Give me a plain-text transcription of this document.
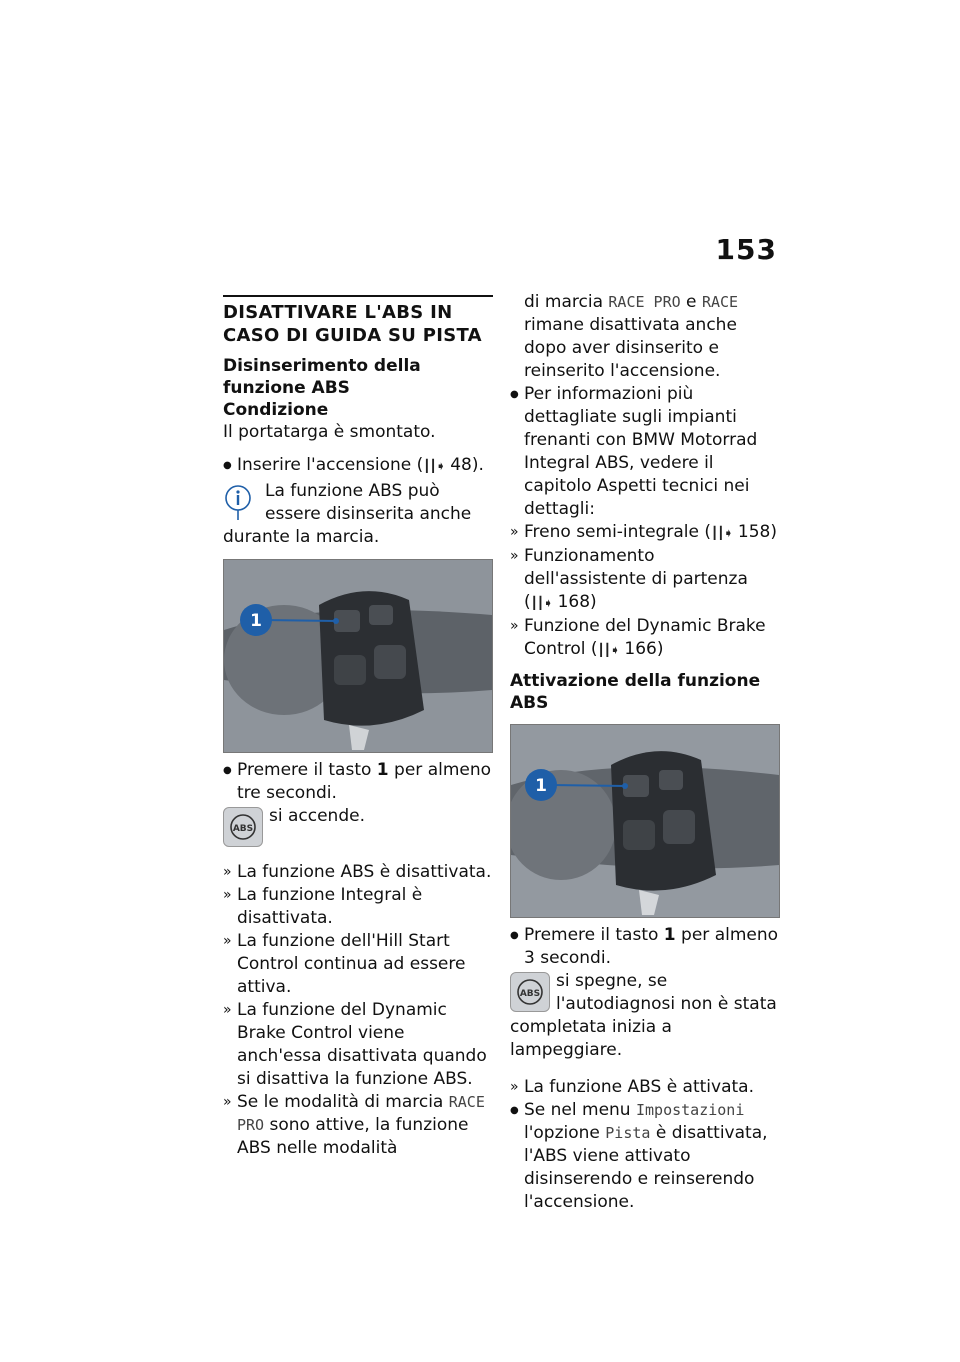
153
DISATTIVARE L'ABS IN CASO DI GUIDA SU PISTA
Disinserimento della funzione ABS
Condizione

Il portatarga è smontato.

● Inserire l'accensione (┃┃➧ 48).

La funzione ABS può essere disinserita anche durante la marcia.
1

● Premere il tasto 1 per almeno tre secondi.

ABS
si accende.

» La funzione ABS è disattivata.

» La funzione Integral è disattivata.

» La funzione dell'Hill Start Control continua ad essere attiva.

» La funzione del Dynamic Brake Control viene anch'essa disattivata quando si disattiva la funzione ABS.

» Se le modalità di marcia RACE PRO sono attive, la funzione ABS nelle modalità

di marcia RACE PRO e RACE rimane disattivata anche dopo aver disinserito e reinserito l'accensione.

● Per informazioni più dettagliate sugli impianti frenanti con BMW Motorrad Integral ABS, vedere il capitolo Aspetti tecnici nei dettagli:

» Freno semi-integrale (┃┃➧ 158)

» Funzionamento dell'assistente di partenza (┃┃➧ 168)

» Funzione del Dynamic Brake Control (┃┃➧ 166)

Attivazione della funzione ABS
1

● Premere il tasto 1 per almeno 3 secondi.

ABS
si spegne, se l'autodiagnosi non è stata completata inizia a lampeggiare.

» La funzione ABS è attivata.

● Se nel menu Impostazioni l'opzione Pista è disattivata, l'ABS viene attivato disinserendo e reinserendo l'accensione.
